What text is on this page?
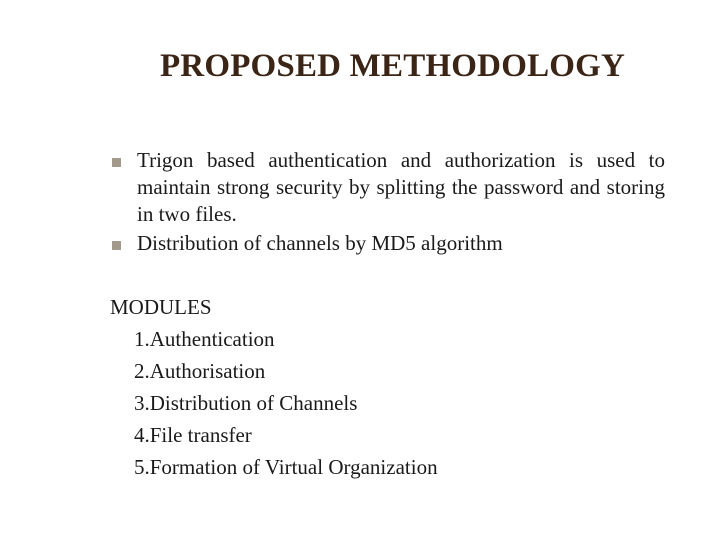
PROPOSED METHODOLOGY
Trigon based authentication and authorization is used to maintain strong security by splitting the password and storing in two files.
Distribution of channels by MD5 algorithm
MODULES
1.Authentication
2.Authorisation
3.Distribution of Channels
4.File transfer
5.Formation of Virtual Organization
